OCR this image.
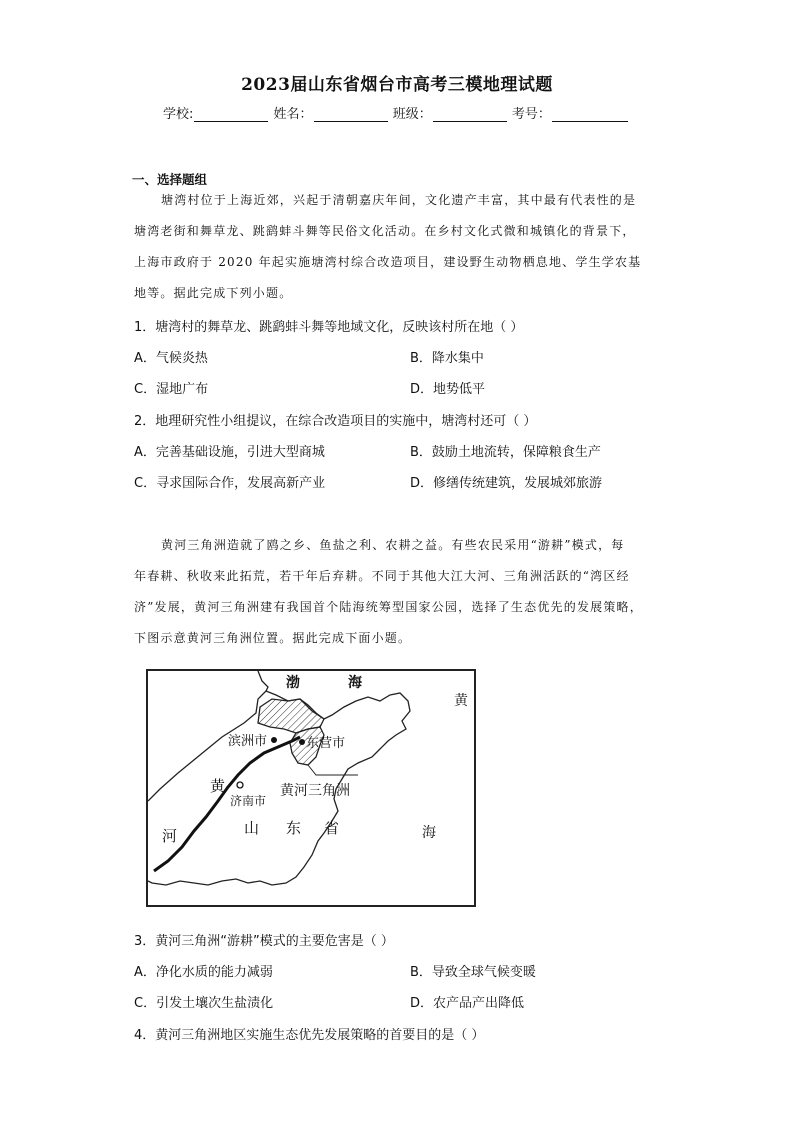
2023届山东省烟台市高考三模地理试题
学校:	姓名：	班级：	考号：
一、选择题组
塘湾村位于上海近郊，兴起于清朝嘉庆年间，文化遗产丰富，其中最有代表性的是
塘湾老街和舞草龙、跳鹞蚌斗舞等民俗文化活动。在乡村文化式微和城镇化的背景下，
上海市政府于 2020 年起实施塘湾村综合改造项目，建设野生动物栖息地、学生学农基
地等。据此完成下列小题。
1．塘湾村的舞草龙、跳鹞蚌斗舞等地域文化，反映该村所在地（ ）
A．气候炎热	B．降水集中
C．湿地广布	D．地势低平
2．地理研究性小组提议，在综合改造项目的实施中，塘湾村还可（ ）
A．完善基础设施，引进大型商城	B．鼓励土地流转，保障粮食生产
C．寻求国际合作，发展高新产业	D．修缮传统建筑，发展城郊旅游
黄河三角洲造就了鸥之乡、鱼盐之利、农耕之益。有些农民采用“游耕”模式，每
年春耕、秋收来此拓荒，若干年后弃耕。不同于其他大江大河、三角洲活跃的“湾区经
济”发展，黄河三角洲建有我国首个陆海统筹型国家公园，选择了生态优先的发展策略，
下图示意黄河三角洲位置。据此完成下面小题。
渤	海
黄
海
滨洲市	东营市
黄河三角洲
济南市
黄
河	山 东 省
3．黄河三角洲“游耕”模式的主要危害是（ ）
A．净化水质的能力减弱	B．导致全球气候变暖
C．引发土壤次生盐渍化	D．农产品产出降低
4．黄河三角洲地区实施生态优先发展策略的首要目的是（ ）
